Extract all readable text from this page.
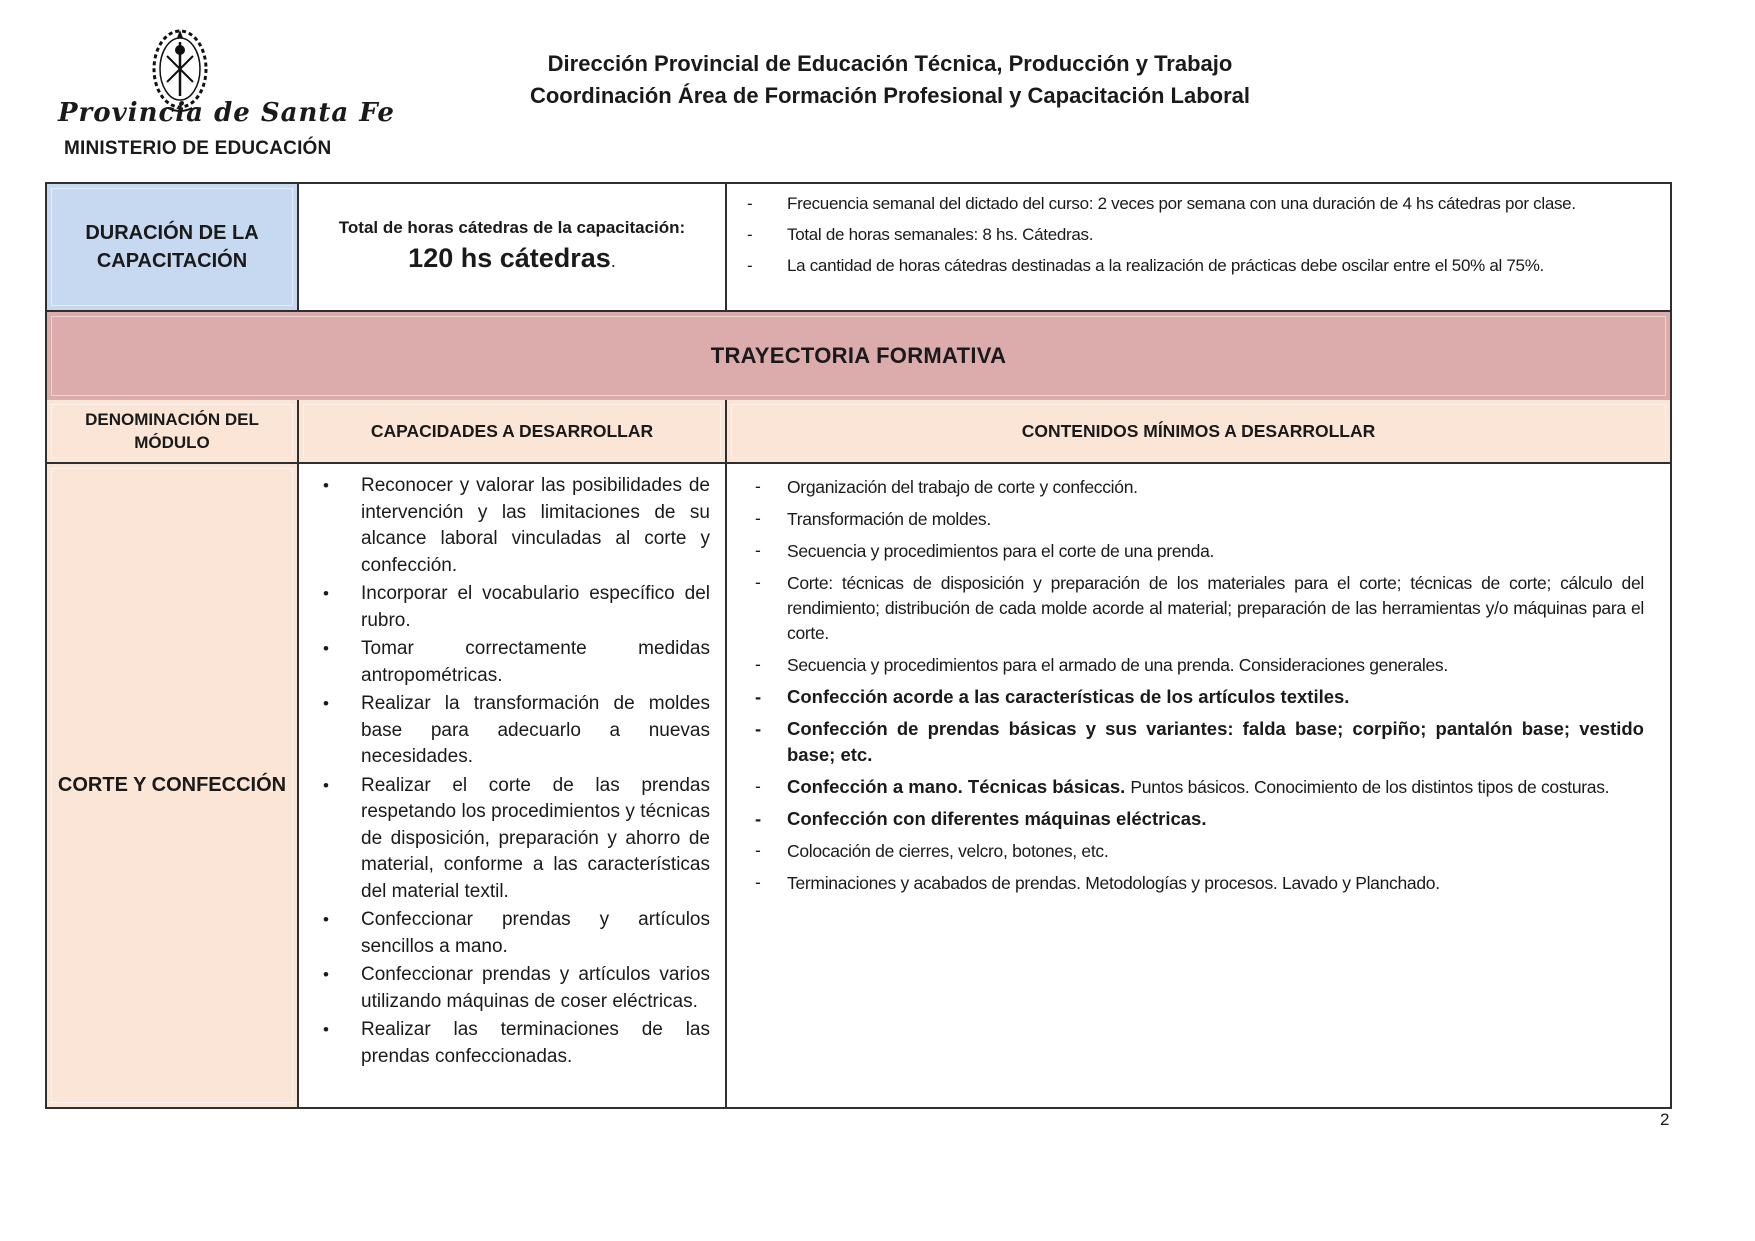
Provincia de Santa Fe
MINISTERIO DE EDUCACIÓN
Dirección Provincial de Educación Técnica, Producción y Trabajo
Coordinación Área de Formación Profesional y Capacitación Laboral
DURACIÓN DE LA CAPACITACIÓN
Total de horas cátedras de la capacitación:
120 hs cátedras.
- Frecuencia semanal del dictado del curso: 2 veces por semana con una duración de 4 hs cátedras por clase.
- Total de horas semanales: 8 hs. Cátedras.
- La cantidad de horas cátedras destinadas a la realización de prácticas debe oscilar entre el 50% al 75%.
TRAYECTORIA FORMATIVA
DENOMINACIÓN DEL MÓDULO
CAPACIDADES A DESARROLLAR	CONTENIDOS MÍNIMOS A DESARROLLAR
CORTE Y CONFECCIÓN
• Reconocer y valorar las posibilidades de intervención y las limitaciones de su alcance laboral vinculadas al corte y confección.
• Incorporar el vocabulario específico del rubro.
• Tomar correctamente medidas antropométricas.
• Realizar la transformación de moldes base para adecuarlo a nuevas necesidades.
• Realizar el corte de las prendas respetando los procedimientos y técnicas de disposición, preparación y ahorro de material, conforme a las características del material textil.
• Confeccionar prendas y artículos sencillos a mano.
• Confeccionar prendas y artículos varios utilizando máquinas de coser eléctricas.
• Realizar las terminaciones de las prendas confeccionadas.
- Organización del trabajo de corte y confección.
- Transformación de moldes.
- Secuencia y procedimientos para el corte de una prenda.
- Corte: técnicas de disposición y preparación de los materiales para el corte; técnicas de corte; cálculo del rendimiento; distribución de cada molde acorde al material; preparación de las herramientas y/o máquinas para el corte.
- Secuencia y procedimientos para el armado de una prenda. Consideraciones generales.
- Confección acorde a las características de los artículos textiles.
- Confección de prendas básicas y sus variantes: falda base; corpiño; pantalón base; vestido base; etc.
- Confección a mano. Técnicas básicas. Puntos básicos. Conocimiento de los distintos tipos de costuras.
- Confección con diferentes máquinas eléctricas.
- Colocación de cierres, velcro, botones, etc.
- Terminaciones y acabados de prendas. Metodologías y procesos. Lavado y Planchado.
2
